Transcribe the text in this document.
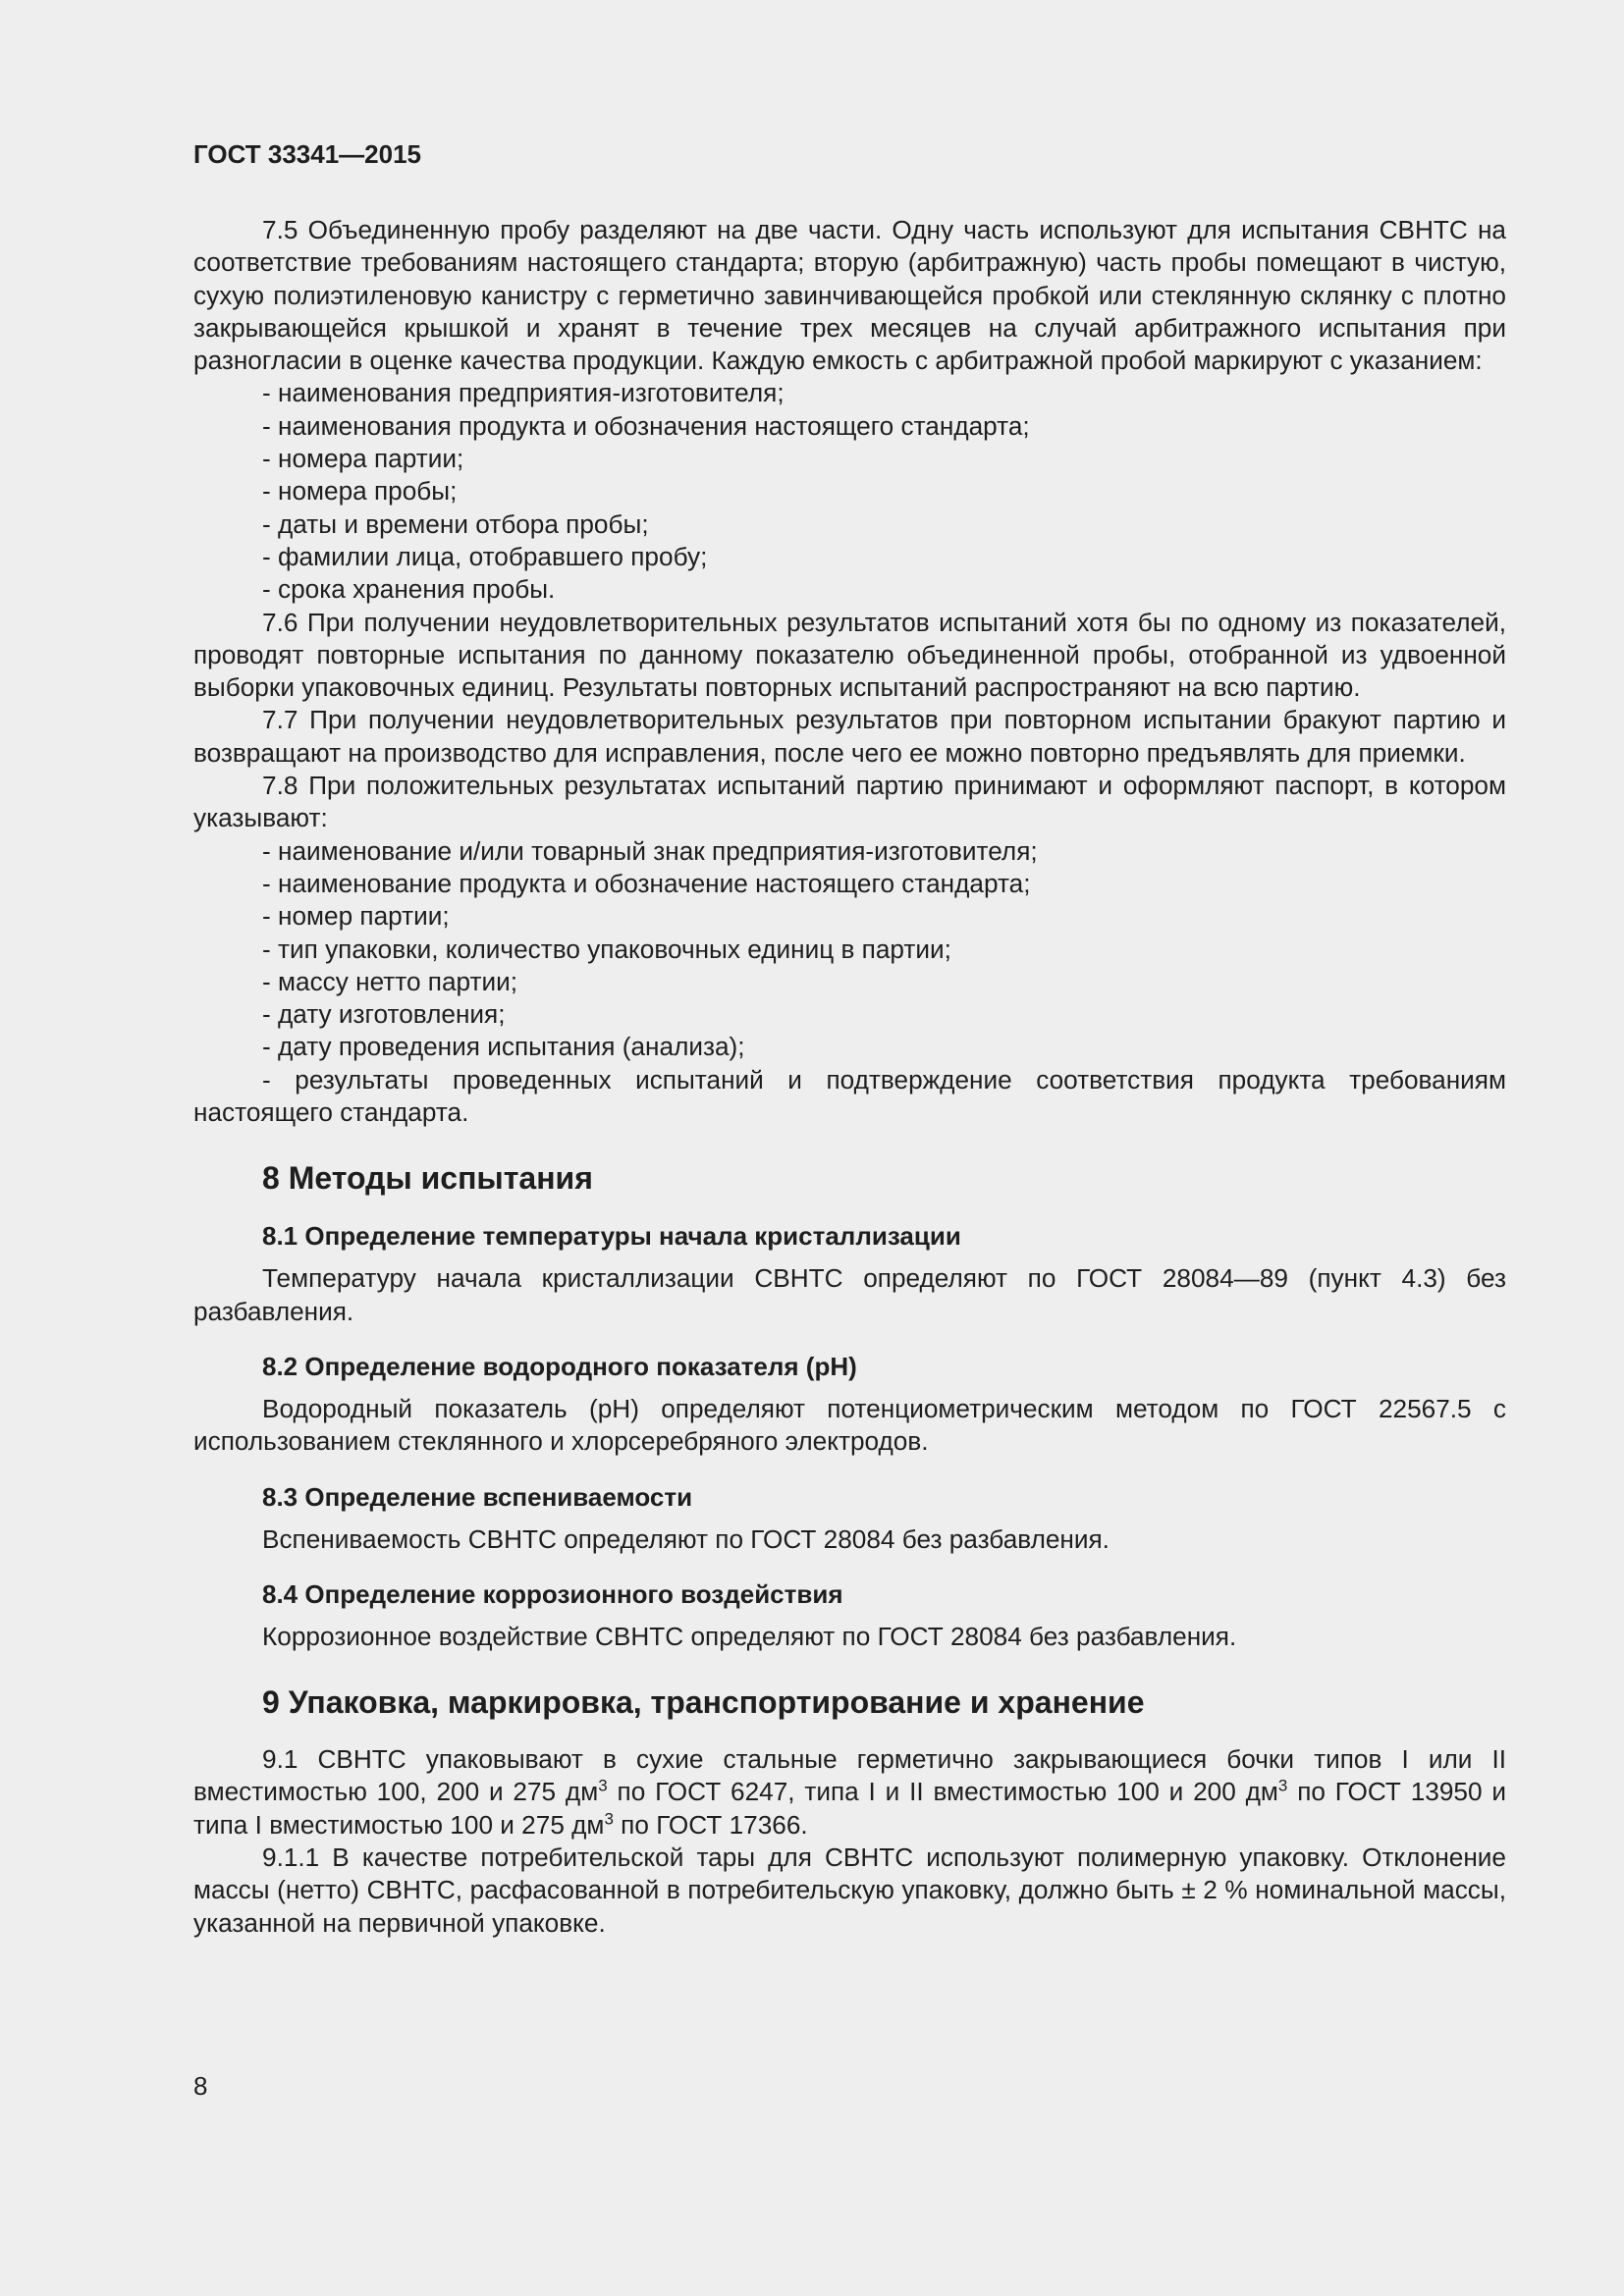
ГОСТ 33341—2015

7.5 Объединенную пробу разделяют на две части. Одну часть используют для испытания СВНТС на соответствие требованиям настоящего стандарта; вторую (арбитражную) часть пробы помещают в чистую, сухую полиэтиленовую канистру с герметично завинчивающейся пробкой или стеклянную склянку с плотно закрывающейся крышкой и хранят в течение трех месяцев на случай арбитражного испытания при разногласии в оценке качества продукции. Каждую емкость с арбитражной пробой маркируют с указанием:

- наименования предприятия-изготовителя;

- наименования продукта и обозначения настоящего стандарта;

- номера партии;

- номера пробы;

- даты и времени отбора пробы;

- фамилии лица, отобравшего пробу;

- срока хранения пробы.

7.6 При получении неудовлетворительных результатов испытаний хотя бы по одному из показателей, проводят повторные испытания по данному показателю объединенной пробы, отобранной из удвоенной выборки упаковочных единиц. Результаты повторных испытаний распространяют на всю партию.

7.7 При получении неудовлетворительных результатов при повторном испытании бракуют партию и возвращают на производство для исправления, после чего ее можно повторно предъявлять для приемки.

7.8 При положительных результатах испытаний партию принимают и оформляют паспорт, в котором указывают:

- наименование и/или товарный знак предприятия-изготовителя;

- наименование продукта и обозначение настоящего стандарта;

- номер партии;

- тип упаковки, количество упаковочных единиц в партии;

- массу нетто партии;

- дату изготовления;

- дату проведения испытания (анализа);

- результаты проведенных испытаний и подтверждение соответствия продукта требованиям настоящего стандарта.

8 Методы испытания
8.1 Определение температуры начала кристаллизации

Температуру начала кристаллизации СВНТС определяют по ГОСТ 28084—89 (пункт 4.3) без разбавления.

8.2 Определение водородного показателя (pH)

Водородный показатель (pH) определяют потенциометрическим методом по ГОСТ 22567.5 с использованием стеклянного и хлорсеребряного электродов.

8.3 Определение вспениваемости

Вспениваемость СВНТС определяют по ГОСТ 28084 без разбавления.

8.4 Определение коррозионного воздействия

Коррозионное воздействие СВНТС определяют по ГОСТ 28084 без разбавления.

9 Упаковка, маркировка, транспортирование и хранение

9.1 СВНТС упаковывают в сухие стальные герметично закрывающиеся бочки типов I или II вместимостью 100, 200 и 275 $дм^3$ по ГОСТ 6247, типа I и II вместимостью 100 и 200 $дм^3$ по ГОСТ 13950 и типа I вместимостью 100 и 275 $дм^3$ по ГОСТ 17366.

9.1.1 В качестве потребительской тары для СВНТС используют полимерную упаковку. Отклонение массы (нетто) СВНТС, расфасованной в потребительскую упаковку, должно быть ± 2 % номинальной массы, указанной на первичной упаковке.

8
